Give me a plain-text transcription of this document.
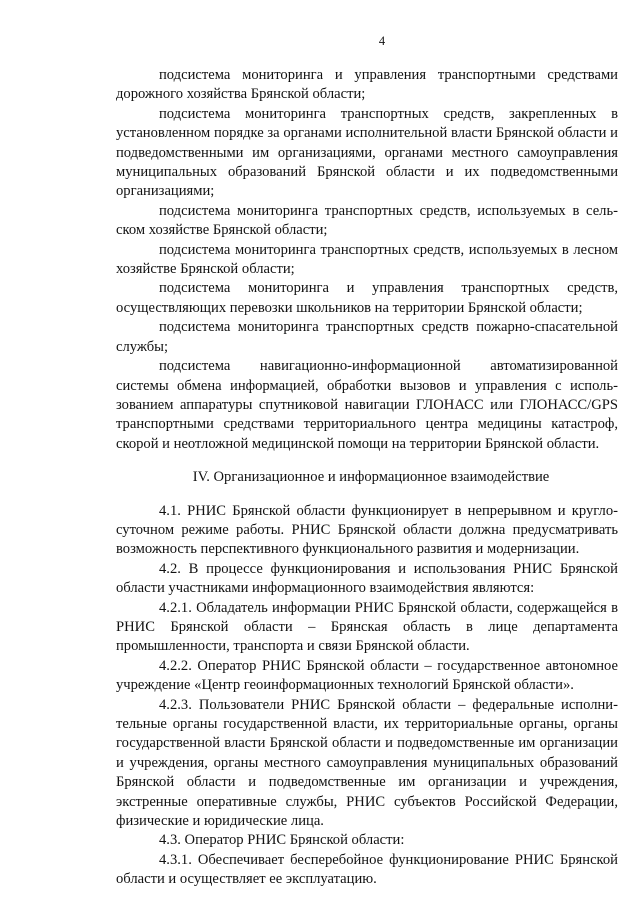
4

подсистема мониторинга и управления транспортными средствами дорожного хозяйства Брянской области;

подсистема мониторинга транспортных средств, закрепленных в установленном порядке за органами исполнительной власти Брянской области и подведомственными им организациями, органами местного самоуправления муниципальных образований Брянской области и их подведомственными организациями;

подсистема мониторинга транспортных средств, используемых в сельском хозяйстве Брянской области;

подсистема мониторинга транспортных средств, используемых в лесном хозяйстве Брянской области;

подсистема мониторинга и управления транспортных средств, осуществляющих перевозки школьников на территории Брянской области;

подсистема мониторинга транспортных средств пожарно-спасательной службы;

подсистема навигационно-информационной автоматизированной системы обмена информацией, обработки вызовов и управления с использованием аппаратуры спутниковой навигации ГЛОНАСС или ГЛОНАСС/GPS транспортными средствами территориального центра медицины катастроф, скорой и неотложной медицинской помощи на территории Брянской области.

IV. Организационное и информационное взаимодействие

4.1. РНИС Брянской области функционирует в непрерывном и круглосуточном режиме работы. РНИС Брянской области должна предусматривать возможность перспективного функционального развития и модернизации.

4.2. В процессе функционирования и использования РНИС Брянской области участниками информационного взаимодействия являются:

4.2.1. Обладатель информации РНИС Брянской области, содержащейся в РНИС Брянской области – Брянская область в лице департамента промышленности, транспорта и связи Брянской области.

4.2.2. Оператор РНИС Брянской области – государственное автономное учреждение «Центр геоинформационных технологий Брянской области».

4.2.3. Пользователи РНИС Брянской области – федеральные исполнительные органы государственной власти, их территориальные органы, органы государственной власти Брянской области и подведомственные им организации и учреждения, органы местного самоуправления муниципальных образований Брянской области и подведомственные им организации и учреждения, экстренные оперативные службы, РНИС субъектов Российской Федерации, физические и юридические лица.

4.3. Оператор РНИС Брянской области:

4.3.1. Обеспечивает бесперебойное функционирование РНИС Брянской области и осуществляет ее эксплуатацию.
